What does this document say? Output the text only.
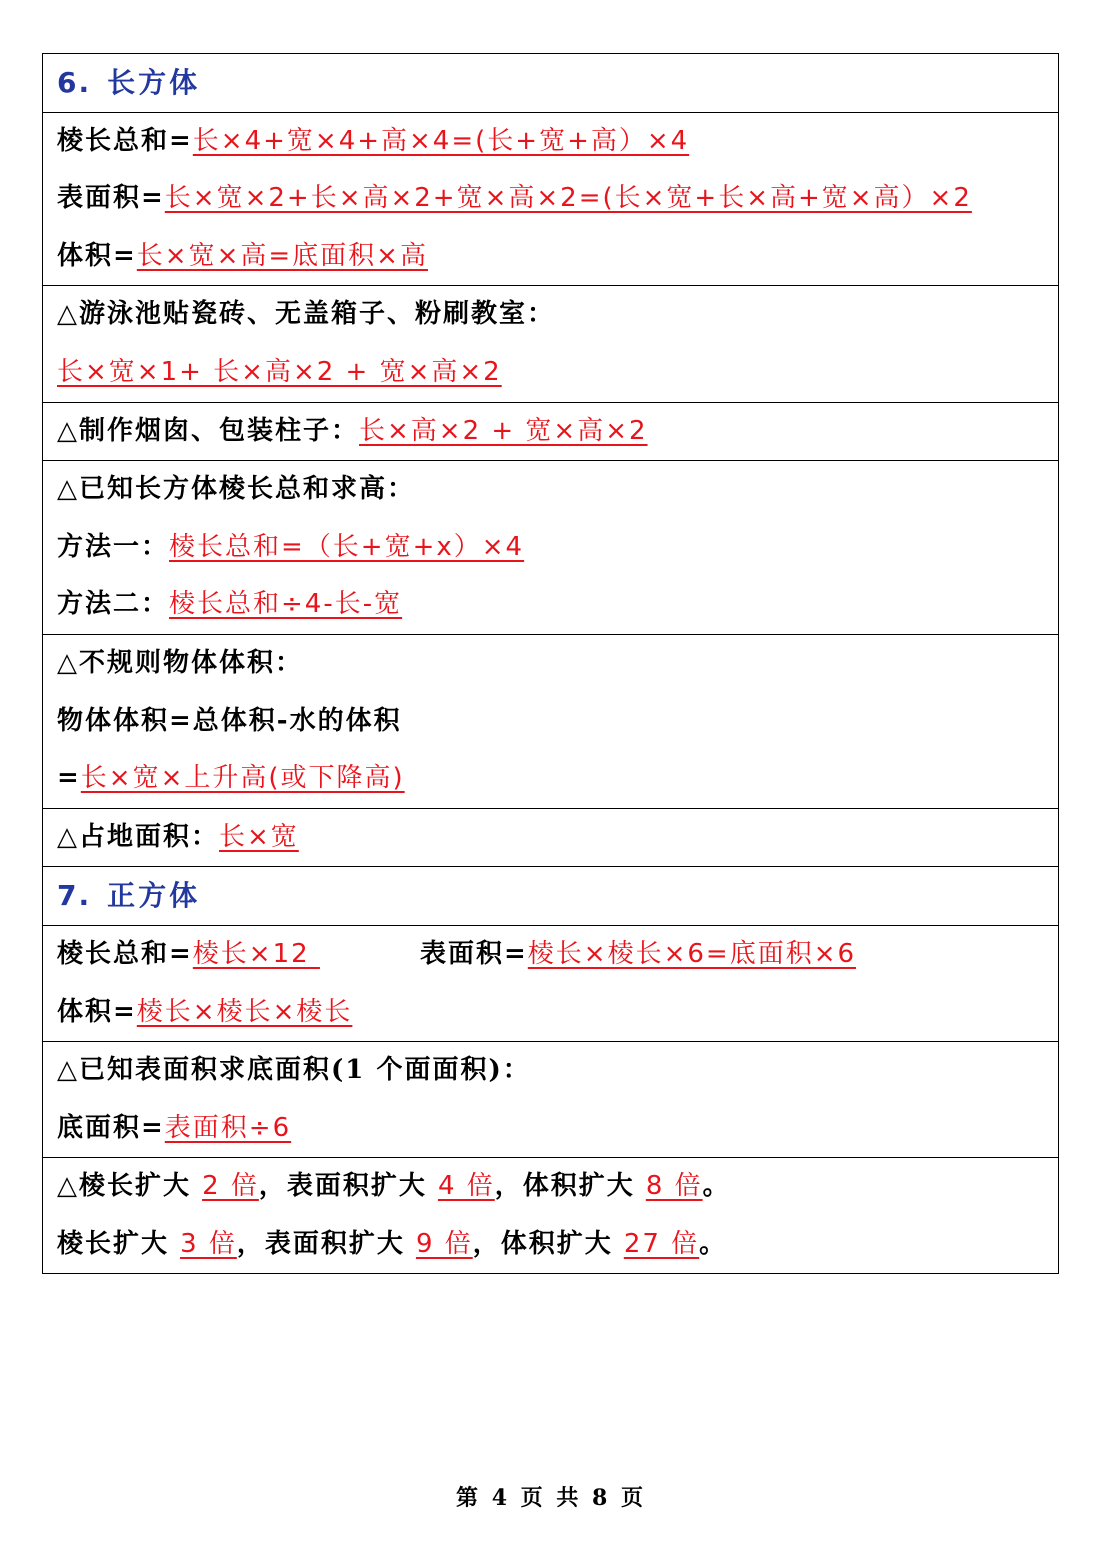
6. 长方体
棱长总和=长×4+宽×4+高×4=(长+宽+高）×4
表面积=长×宽×2+长×高×2+宽×高×2=(长×宽+长×高+宽×高）×2
体积=长×宽×高=底面积×高
△游泳池贴瓷砖、无盖箱子、粉刷教室：
长×宽×1+ 长×高×2 + 宽×高×2
△制作烟囱、包装柱子：长×高×2 + 宽×高×2
△已知长方体棱长总和求高：
方法一：棱长总和=（长+宽+x）×4
方法二：棱长总和÷4-长-宽
△不规则物体体积：
物体体积=总体积-水的体积
=长×宽×上升高(或下降高)
△占地面积：长×宽
7. 正方体
棱长总和=棱长×12	表面积=棱长×棱长×6=底面积×6
体积=棱长×棱长×棱长
△已知表面积求底面积(1 个面面积)：
底面积=表面积÷6
△棱长扩大 2 倍，表面积扩大 4 倍，体积扩大 8 倍。
棱长扩大 3 倍，表面积扩大 9 倍，体积扩大 27 倍。
第 4 页 共 8 页
